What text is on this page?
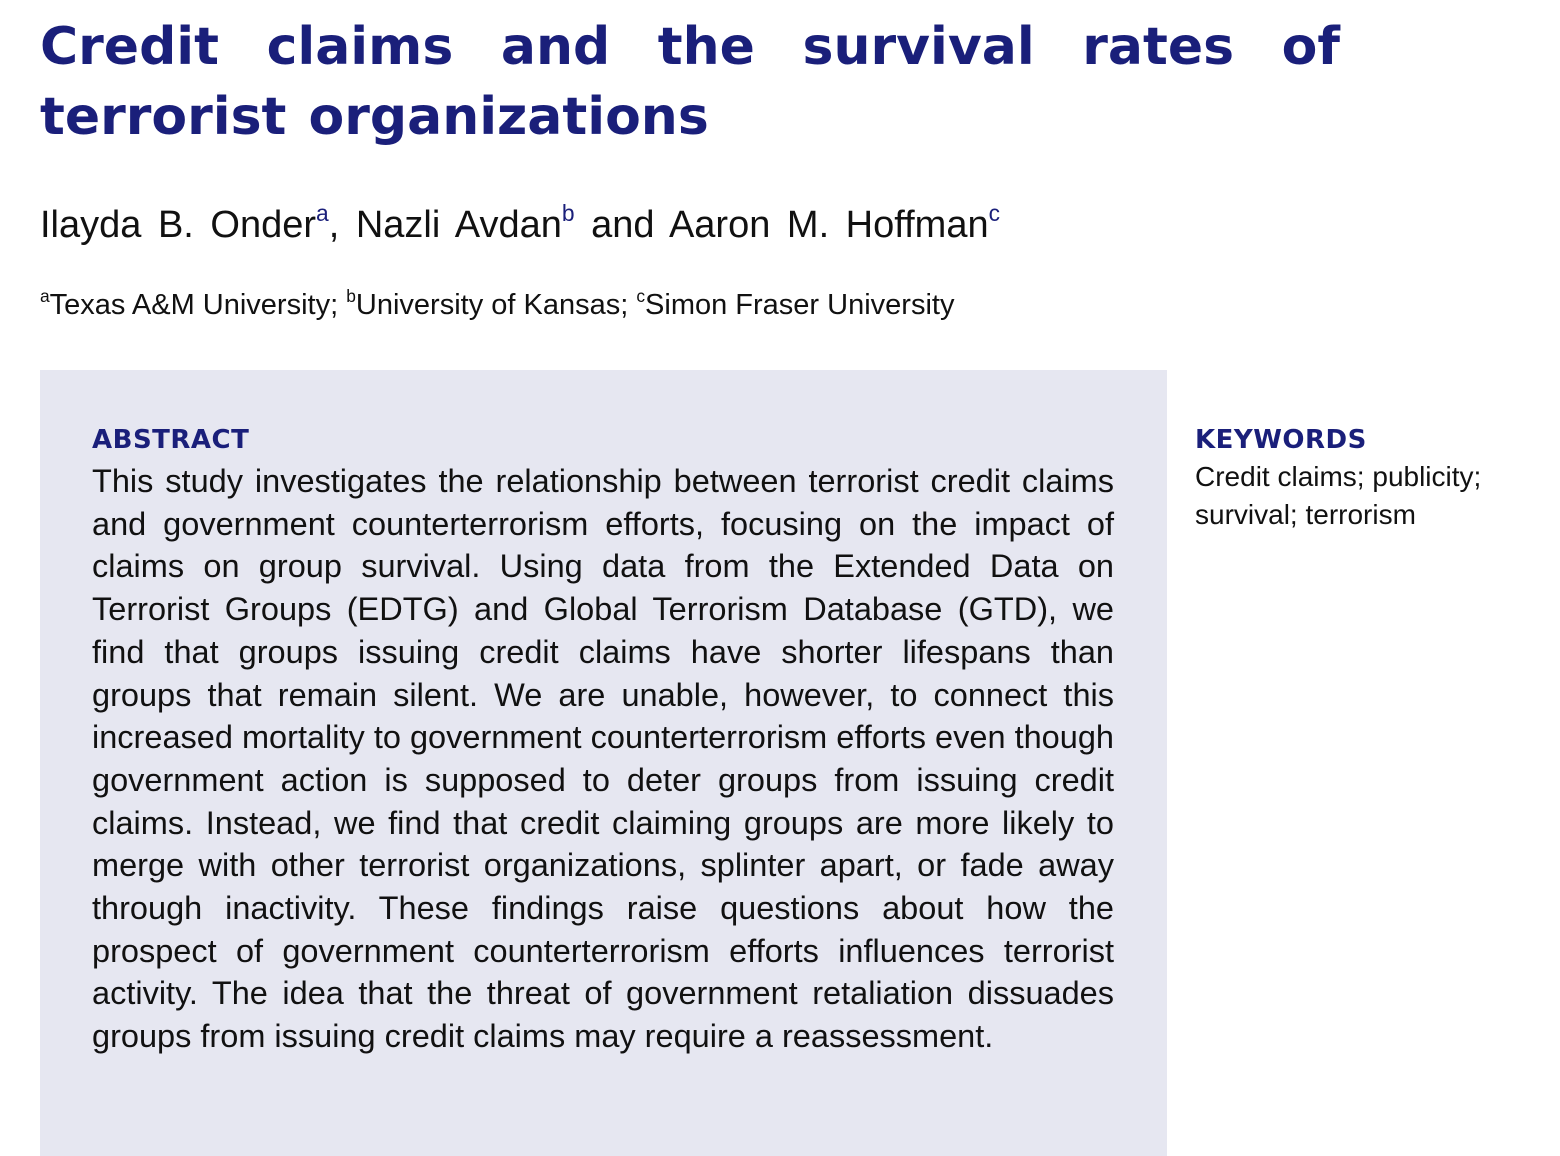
Credit claims and the survival rates of terrorist organizations

Ilayda B. Onder$^a$, Nazli Avdan$^b$ and Aaron M. Hoffman$^c$

$^a$Texas A&M University; $^b$University of Kansas; $^c$Simon Fraser University

ABSTRACT

This study investigates the relationship between terrorist credit claims and government counterterrorism efforts, focusing on the impact of claims on group survival. Using data from the Extended Data on Terrorist Groups (EDTG) and Global Terrorism Database (GTD), we find that groups issuing credit claims have shorter lifespans than groups that remain silent. We are unable, however, to connect this increased mortality to government counterterrorism efforts even though government action is supposed to deter groups from issuing credit claims. Instead, we find that credit claiming groups are more likely to merge with other terrorist organizations, splinter apart, or fade away through inactivity. These findings raise questions about how the prospect of government counterterrorism efforts influences terrorist activity. The idea that the threat of government retaliation dissuades groups from issuing credit claims may require a reassessment.

KEYWORDS

Credit claims; publicity; survival; terrorism
